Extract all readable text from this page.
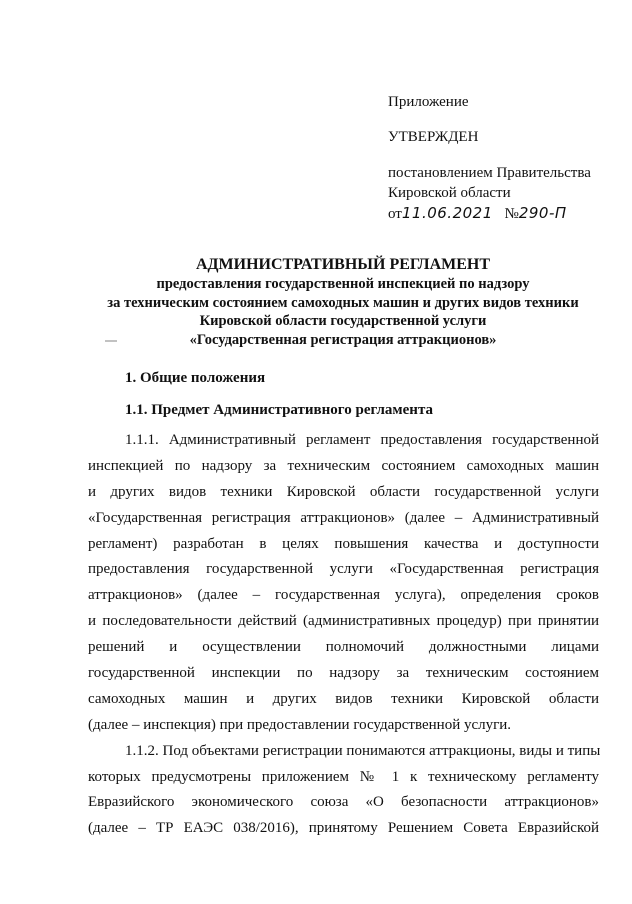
Приложение
УТВЕРЖДЕН
постановлением Правительства
Кировской области
от11.06.2021 №290-П
АДМИНИСТРАТИВНЫЙ РЕГЛАМЕНТ
предоставления государственной инспекцией по надзору
за техническим состоянием самоходных машин и других видов техники
Кировской области государственной услуги
«Государственная регистрация аттракционов»
1. Общие положения
1.1. Предмет Административного регламента
1.1.1. Административный регламент предоставления государственной
инспекцией по надзору за техническим состоянием самоходных машин
и других видов техники Кировской области государственной услуги
«Государственная регистрация аттракционов» (далее – Административный
регламент) разработан в целях повышения качества и доступности
предоставления государственной услуги «Государственная регистрация
аттракционов» (далее – государственная услуга), определения сроков
и последовательности действий (административных процедур) при принятии
решений и осуществлении полномочий должностными лицами
государственной инспекции по надзору за техническим состоянием
самоходных машин и других видов техники Кировской области
(далее – инспекция) при предоставлении государственной услуги.
1.1.2. Под объектами регистрации понимаются аттракционы, виды и типы
которых предусмотрены приложением № 1 к техническому регламенту
Евразийского экономического союза «О безопасности аттракционов»
(далее – ТР ЕАЭС 038/2016), принятому Решением Совета Евразийской
